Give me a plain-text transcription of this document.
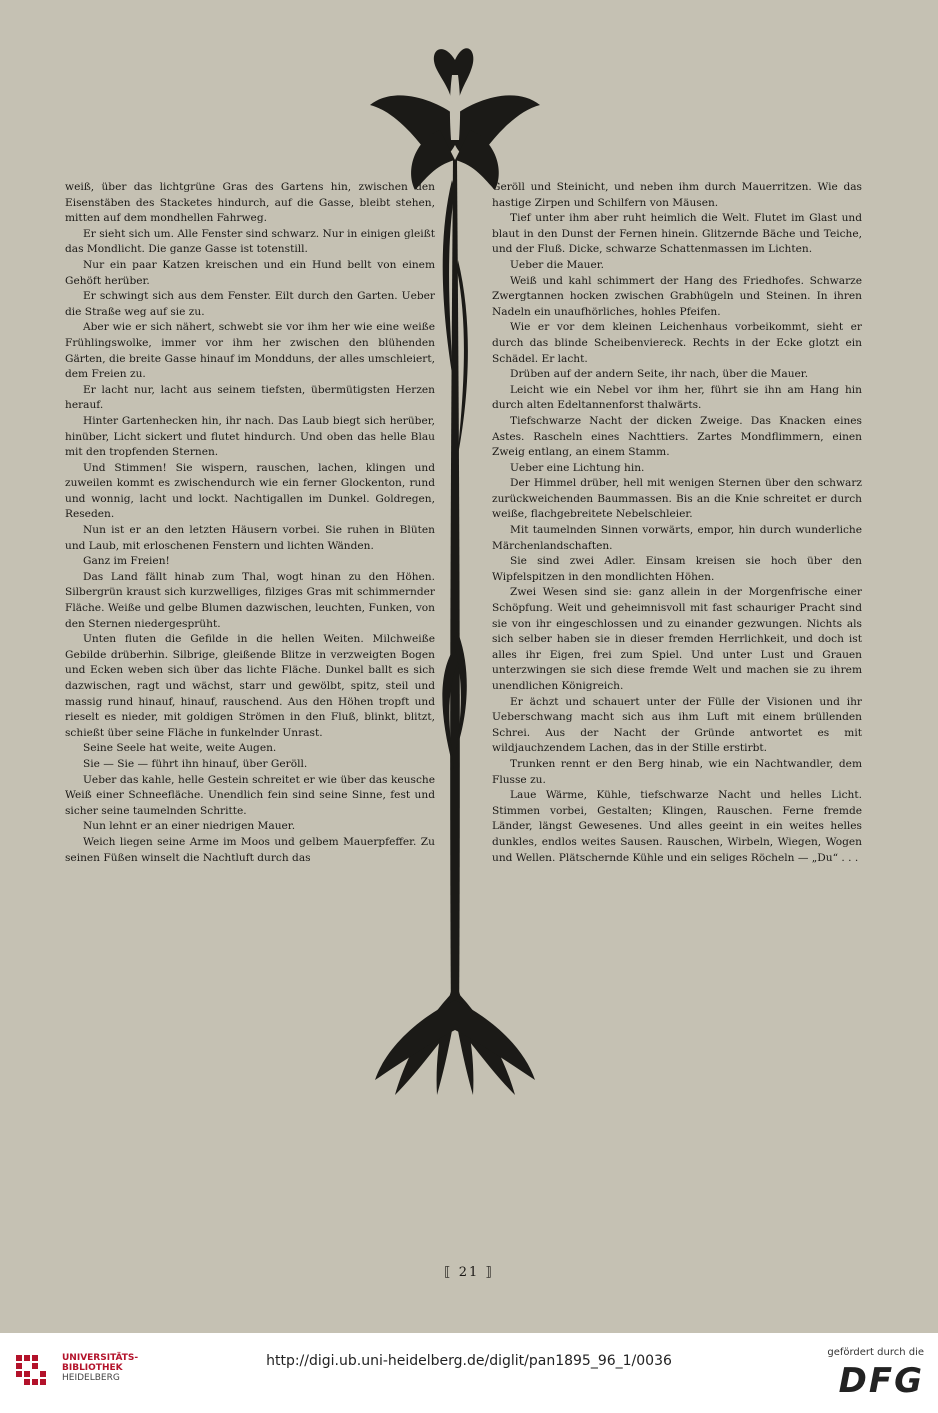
weiß, über das lichtgrüne Gras des Gartens hin, zwischen den Eisenstäben des Stacketes hindurch, auf die Gasse, bleibt stehen, mitten auf dem mondhellen Fahrweg.

Er sieht sich um. Alle Fenster sind schwarz. Nur in einigen gleißt das Mondlicht. Die ganze Gasse ist totenstill.

Nur ein paar Katzen kreischen und ein Hund bellt von einem Gehöft herüber.

Er schwingt sich aus dem Fenster. Eilt durch den Garten. Ueber die Straße weg auf sie zu.

Aber wie er sich nähert, schwebt sie vor ihm her wie eine weiße Frühlingswolke, immer vor ihm her zwischen den blühenden Gärten, die breite Gasse hinauf im Mondduns, der alles umschleiert, dem Freien zu.

Er lacht nur, lacht aus seinem tiefsten, übermütigsten Herzen herauf.

Hinter Gartenhecken hin, ihr nach. Das Laub biegt sich herüber, hinüber, Licht sickert und flutet hindurch. Und oben das helle Blau mit den tropfenden Sternen.

Und Stimmen! Sie wispern, rauschen, lachen, klingen und zuweilen kommt es zwischendurch wie ein ferner Glockenton, rund und wonnig, lacht und lockt. Nachtigallen im Dunkel. Goldregen, Reseden.

Nun ist er an den letzten Häusern vorbei. Sie ruhen in Blüten und Laub, mit erloschenen Fenstern und lichten Wänden.

Ganz im Freien!

Das Land fällt hinab zum Thal, wogt hinan zu den Höhen. Silbergrün kraust sich kurzwelliges, filziges Gras mit schimmernder Fläche. Weiße und gelbe Blumen dazwischen, leuchten, Funken, von den Sternen niedergesprüht.

Unten fluten die Gefilde in die hellen Weiten. Milchweiße Gebilde drüberhin. Silbrige, gleißende Blitze in verzweigten Bogen und Ecken weben sich über das lichte Fläche. Dunkel ballt es sich dazwischen, ragt und wächst, starr und gewölbt, spitz, steil und massig rund hinauf, hinauf, rauschend. Aus den Höhen tropft und rieselt es nieder, mit goldigen Strömen in den Fluß, blinkt, blitzt, schießt über seine Fläche in funkelnder Unrast.

Seine Seele hat weite, weite Augen.

Sie — Sie — führt ihn hinauf, über Geröll.

Ueber das kahle, helle Gestein schreitet er wie über das keusche Weiß einer Schneefläche. Unendlich fein sind seine Sinne, fest und sicher seine taumelnden Schritte.

Nun lehnt er an einer niedrigen Mauer.

Weich liegen seine Arme im Moos und gelbem Mauerpfeffer. Zu seinen Füßen winselt die Nachtluft durch das

Geröll und Steinicht, und neben ihm durch Mauerritzen. Wie das hastige Zirpen und Schilfern von Mäusen.

Tief unter ihm aber ruht heimlich die Welt. Flutet im Glast und blaut in den Dunst der Fernen hinein. Glitzernde Bäche und Teiche, und der Fluß. Dicke, schwarze Schattenmassen im Lichten.

Ueber die Mauer.

Weiß und kahl schimmert der Hang des Friedhofes. Schwarze Zwergtannen hocken zwischen Grabhügeln und Steinen. In ihren Nadeln ein unaufhörliches, hohles Pfeifen.

Wie er vor dem kleinen Leichenhaus vorbeikommt, sieht er durch das blinde Scheibenviereck. Rechts in der Ecke glotzt ein Schädel. Er lacht.

Drüben auf der andern Seite, ihr nach, über die Mauer.

Leicht wie ein Nebel vor ihm her, führt sie ihn am Hang hin durch alten Edeltannenforst thalwärts.

Tiefschwarze Nacht der dicken Zweige. Das Knacken eines Astes. Rascheln eines Nachttiers. Zartes Mondflimmern, einen Zweig entlang, an einem Stamm.

Ueber eine Lichtung hin.

Der Himmel drüber, hell mit wenigen Sternen über den schwarz zurückweichenden Baummassen. Bis an die Knie schreitet er durch weiße, flachgebreitete Nebelschleier.

Mit taumelnden Sinnen vorwärts, empor, hin durch wunderliche Märchenlandschaften.

Sie sind zwei Adler. Einsam kreisen sie hoch über den Wipfelspitzen in den mondlichten Höhen.

Zwei Wesen sind sie: ganz allein in der Morgenfrische einer Schöpfung. Weit und geheimnisvoll mit fast schauriger Pracht sind sie von ihr eingeschlossen und zu einander gezwungen. Nichts als sich selber haben sie in dieser fremden Herrlichkeit, und doch ist alles ihr Eigen, frei zum Spiel. Und unter Lust und Grauen unterzwingen sie sich diese fremde Welt und machen sie zu ihrem unendlichen Königreich.

Er ächzt und schauert unter der Fülle der Visionen und ihr Ueberschwang macht sich aus ihm Luft mit einem brüllenden Schrei. Aus der Nacht der Gründe antwortet es mit wildjauchzendem Lachen, das in der Stille erstirbt.

Trunken rennt er den Berg hinab, wie ein Nachtwandler, dem Flusse zu.

Laue Wärme, Kühle, tiefschwarze Nacht und helles Licht. Stimmen vorbei, Gestalten; Klingen, Rauschen. Ferne fremde Länder, längst Gewesenes. Und alles geeint in ein weites helles dunkles, endlos weites Sausen. Rauschen, Wirbeln, Wiegen, Wogen und Wellen. Plätschernde Kühle und ein seliges Röcheln — „Du“ . . .

⟦ 21 ⟧
UNIVERSITÄTS-
BIBLIOTHEK
HEIDELBERG
http://digi.ub.uni-heidelberg.de/diglit/pan1895_96_1/0036
gefördert durch die
DFG
